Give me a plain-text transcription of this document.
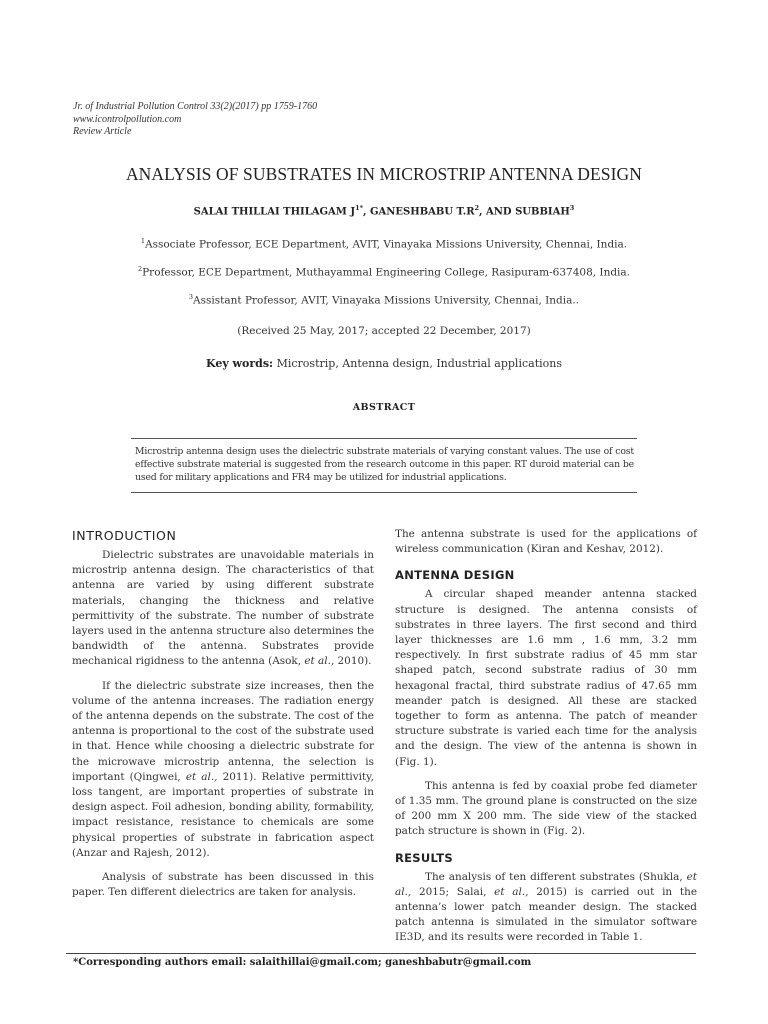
Jr. of Industrial Pollution Control 33(2)(2017) pp 1759-1760
www.icontrolpollution.com
Review Article
ANALYSIS OF SUBSTRATES IN MICROSTRIP ANTENNA DESIGN
SALAI THILLAI THILAGAM $J^{1*}$, GANESHBABU $T.R^2$, AND SUBBIAH$^3$
$^1$Associate Professor, ECE Department, AVIT, Vinayaka Missions University, Chennai, India.
$^2$Professor, ECE Department, Muthayammal Engineering College, Rasipuram-637408, India.
$^3$Assistant Professor, AVIT, Vinayaka Missions University, Chennai, India..
(Received 25 May, 2017; accepted 22 December, 2017)
Key words: Microstrip, Antenna design, Industrial applications
ABSTRACT
Microstrip antenna design uses the dielectric substrate materials of varying constant values. The use of cost effective substrate material is suggested from the research outcome in this paper. RT duroid material can be used for military applications and FR4 may be utilized for industrial applications.
INTRODUCTION

Dielectric substrates are unavoidable materials in microstrip antenna design. The characteristics of that antenna are varied by using different substrate materials, changing the thickness and relative permittivity of the substrate. The number of substrate layers used in the antenna structure also determines the bandwidth of the antenna. Substrates provide mechanical rigidness to the antenna (Asok, et al., 2010).

If the dielectric substrate size increases, then the volume of the antenna increases. The radiation energy of the antenna depends on the substrate. The cost of the antenna is proportional to the cost of the substrate used in that. Hence while choosing a dielectric substrate for the microwave microstrip antenna, the selection is important (Qingwei, et al., 2011). Relative permittivity, loss tangent, are important properties of substrate in design aspect. Foil adhesion, bonding ability, formability, impact resistance, resistance to chemicals are some physical properties of substrate in fabrication aspect (Anzar and Rajesh, 2012).

Analysis of substrate has been discussed in this paper. Ten different dielectrics are taken for analysis.

The antenna substrate is used for the applications of wireless communication (Kiran and Keshav, 2012).

ANTENNA DESIGN

A circular shaped meander antenna stacked structure is designed. The antenna consists of substrates in three layers. The first second and third layer thicknesses are 1.6 mm , 1.6 mm, 3.2 mm respectively. In first substrate radius of 45 mm star shaped patch, second substrate radius of 30 mm hexagonal fractal, third substrate radius of 47.65 mm meander patch is designed. All these are stacked together to form as antenna. The patch of meander structure substrate is varied each time for the analysis and the design. The view of the antenna is shown in (Fig. 1).

This antenna is fed by coaxial probe fed diameter of 1.35 mm. The ground plane is constructed on the size of 200 mm X 200 mm. The side view of the stacked patch structure is shown in (Fig. 2).

RESULTS

The analysis of ten different substrates (Shukla, et al., 2015; Salai, et al., 2015) is carried out in the antenna’s lower patch meander design. The stacked patch antenna is simulated in the simulator software IE3D, and its results were recorded in Table 1.

*Corresponding authors email: salaithillai@gmail.com; ganeshbabutr@gmail.com
